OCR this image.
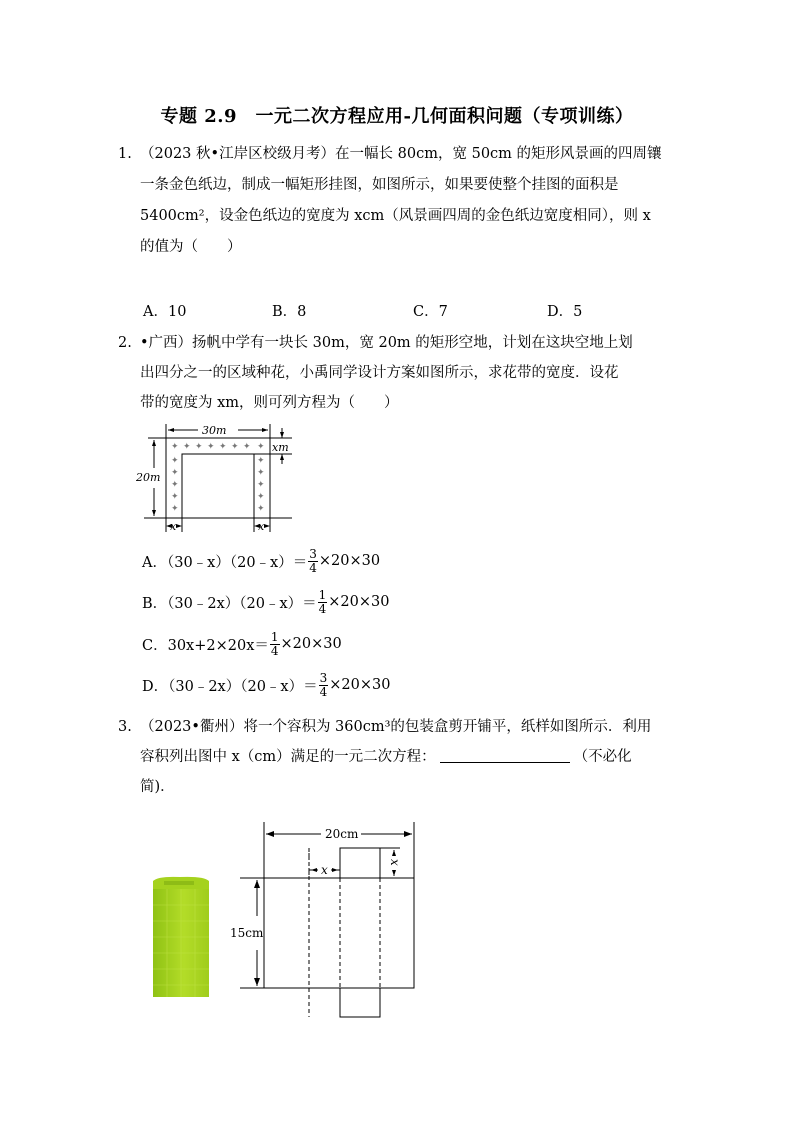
专题 2.9　一元二次方程应用-几何面积问题（专项训练）
1. （2023 秋•江岸区校级月考）在一幅长 80cm，宽 50cm 的矩形风景画的四周镶
一条金色纸边，制成一幅矩形挂图，如图所示，如果要使整个挂图的面积是
5400cm²，设金色纸边的宽度为 xcm（风景画四周的金色纸边宽度相同），则 x
的值为（　　）
A．10	B．8	C．7	D．5
2. •广西）扬帆中学有一块长 30m，宽 20m 的矩形空地，计划在这块空地上划
出四分之一的区域种花，小禹同学设计方案如图所示，求花带的宽度．设花
带的宽度为 xm，则可列方程为（　　）
✦ ✦ ✦ ✦ ✦ ✦ ✦ ✦
✦
✦
✦
✦
✦
✦
✦
✦
✦
✦
30m
20m
xm
x	x
A．（30﹣x）（20﹣x）＝ $\frac{3}{4} \times 20\times 30$
B．（30﹣2x）（20﹣x）＝ $\frac{1}{4} \times 20\times 30$
C．$30x+2\times 20x= \frac{1}{4} \times 20\times 30$
D．（30﹣2x）（20﹣x）＝ $\frac{3}{4} \times 20\times 30$
3. （2023•衢州）将一个容积为 360cm³的包装盒剪开铺平，纸样如图所示．利用
容积列出图中 x（cm）满足的一元二次方程：	（不必化
简)．
20cm
15cm
x
x
